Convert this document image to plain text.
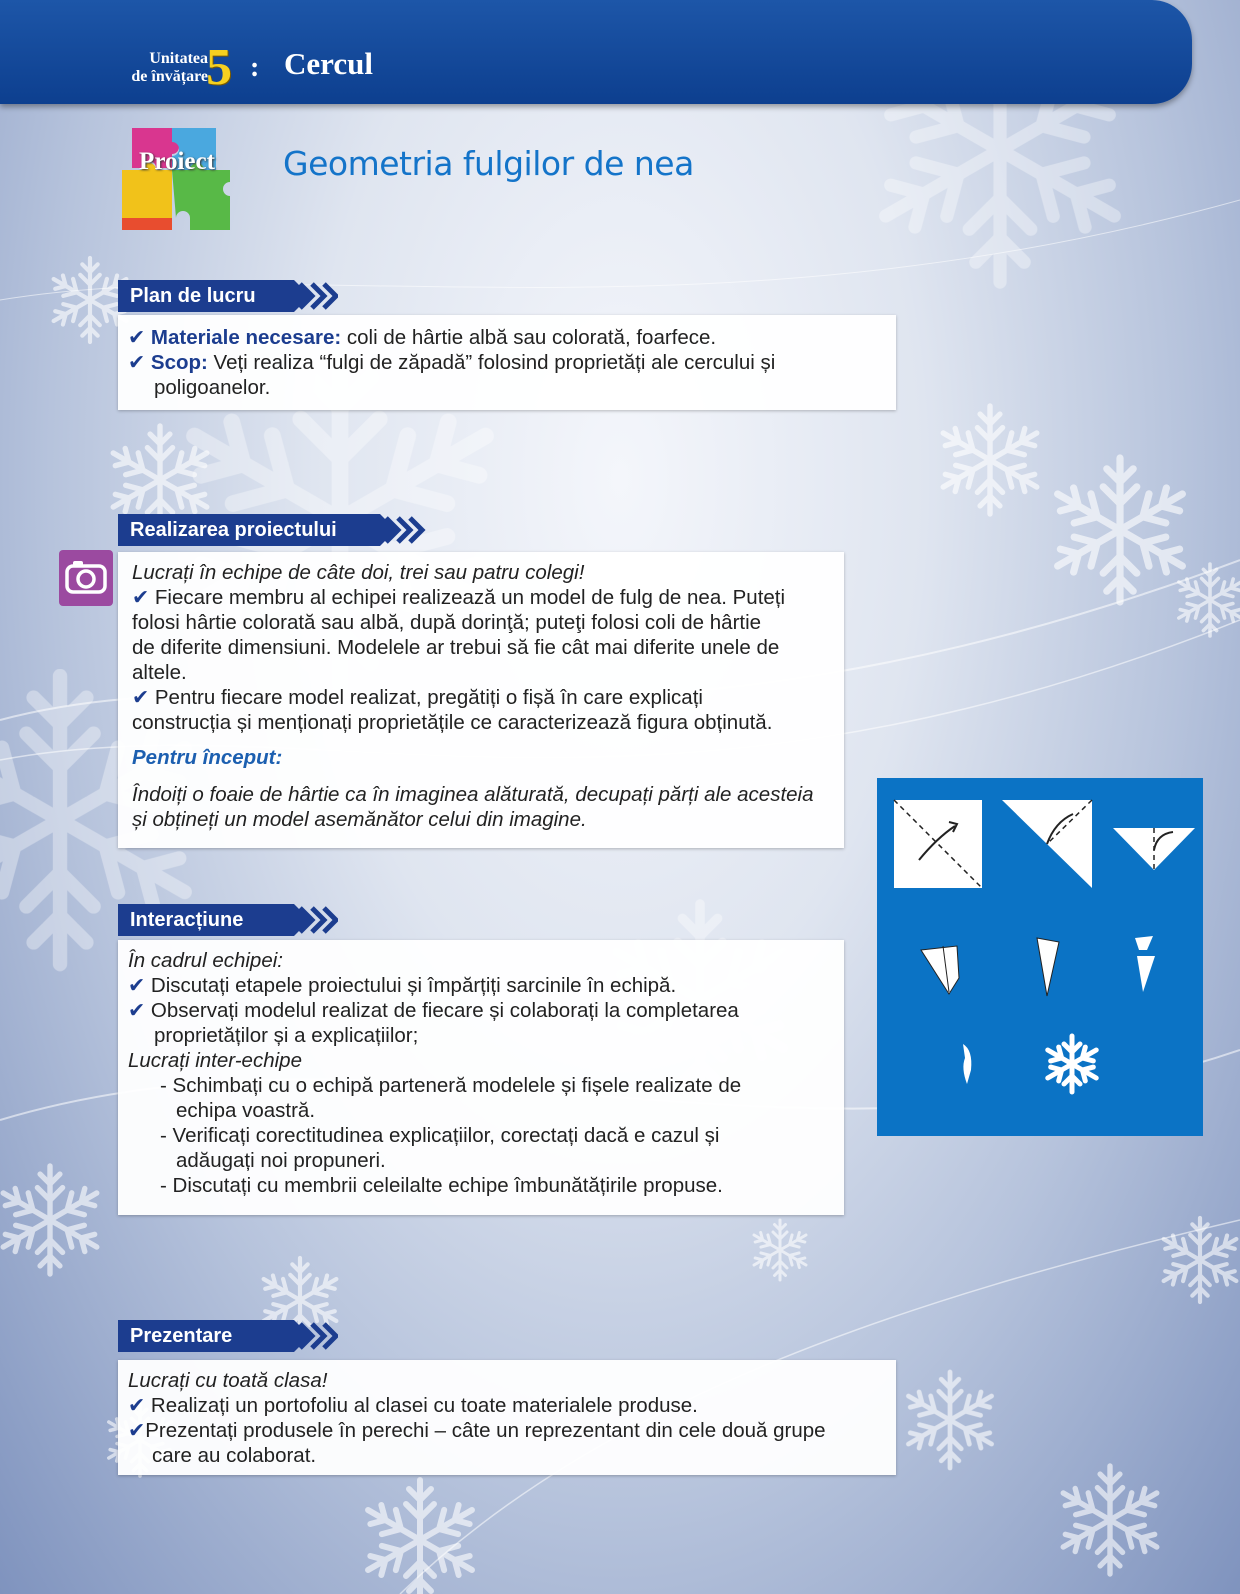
Unitatea
de învățare
5 : Cercul
Proiect	Geometria fulgilor de nea
Plan de lucru
✔ Materiale necesare: coli de hârtie albă sau colorată, foarfece.
✔ Scop: Veți realiza “fulgi de zăpadă” folosind proprietăți ale cercului și
poligoanelor.
Realizarea proiectului
Lucrați în echipe de câte doi, trei sau patru colegi!
✔ Fiecare membru al echipei realizează un model de fulg de nea. Puteți
folosi hârtie colorată sau albă, după dorinţă; puteţi folosi coli de hârtie
de diferite dimensiuni. Modelele ar trebui să fie cât mai diferite unele de
altele.
✔ Pentru fiecare model realizat, pregătiți o fișă în care explicați
construcția și menționați proprietățile ce caracterizează figura obținută.
Pentru început:
Îndoiți o foaie de hârtie ca în imaginea alăturată, decupați părți ale acesteia
și obțineți un model asemănător celui din imagine.
Interacțiune
În cadrul echipei:
✔ Discutați etapele proiectului și împărțiți sarcinile în echipă.
✔ Observați modelul realizat de fiecare și colaborați la completarea
proprietăților și a explicațiilor;
Lucrați inter-echipe
- Schimbați cu o echipă parteneră modelele și fișele realizate de
echipa voastră.
- Verificați corectitudinea explicațiilor, corectați dacă e cazul și
adăugați noi propuneri.
- Discutați cu membrii celeilalte echipe îmbunătățirile propuse.
Prezentare
Lucrați cu toată clasa!
✔ Realizați un portofoliu al clasei cu toate materialele produse.
✔Prezentați produsele în perechi – câte un reprezentant din cele două grupe
care au colaborat.
